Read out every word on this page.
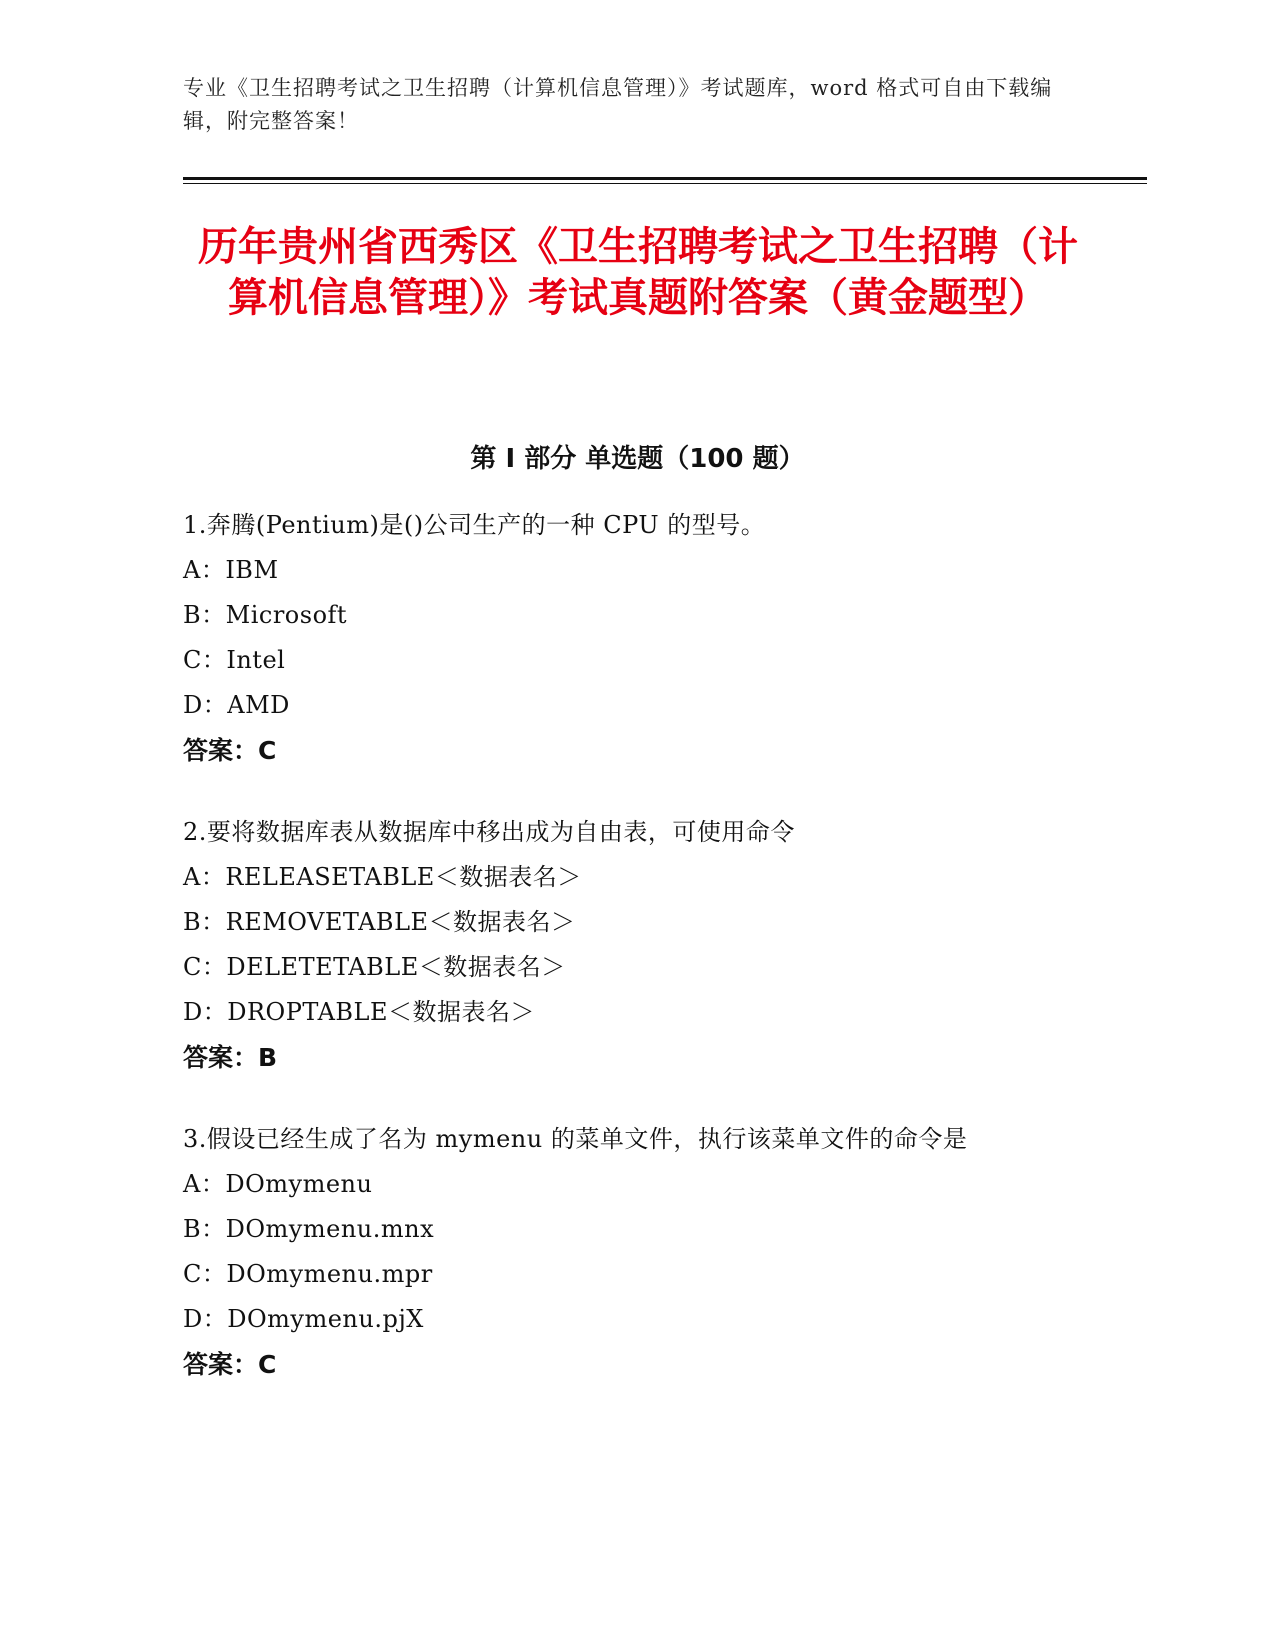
专业《卫生招聘考试之卫生招聘（计算机信息管理）》考试题库，word 格式可自由下载编辑，附完整答案！
历年贵州省西秀区《卫生招聘考试之卫生招聘（计算机信息管理）》考试真题附答案（黄金题型）
第 I 部分 单选题（100 题）
1.奔腾(Pentium)是()公司生产的一种 CPU 的型号。
A：IBM
B：Microsoft
C：Intel
D：AMD
答案：C
2.要将数据库表从数据库中移出成为自由表，可使用命令
A：RELEASETABLE＜数据表名＞
B：REMOVETABLE＜数据表名＞
C：DELETETABLE＜数据表名＞
D：DROPTABLE＜数据表名＞
答案：B
3.假设已经生成了名为 mymenu 的菜单文件，执行该菜单文件的命令是
A：DOmymenu
B：DOmymenu.mnx
C：DOmymenu.mpr
D：DOmymenu.pjX
答案：C
